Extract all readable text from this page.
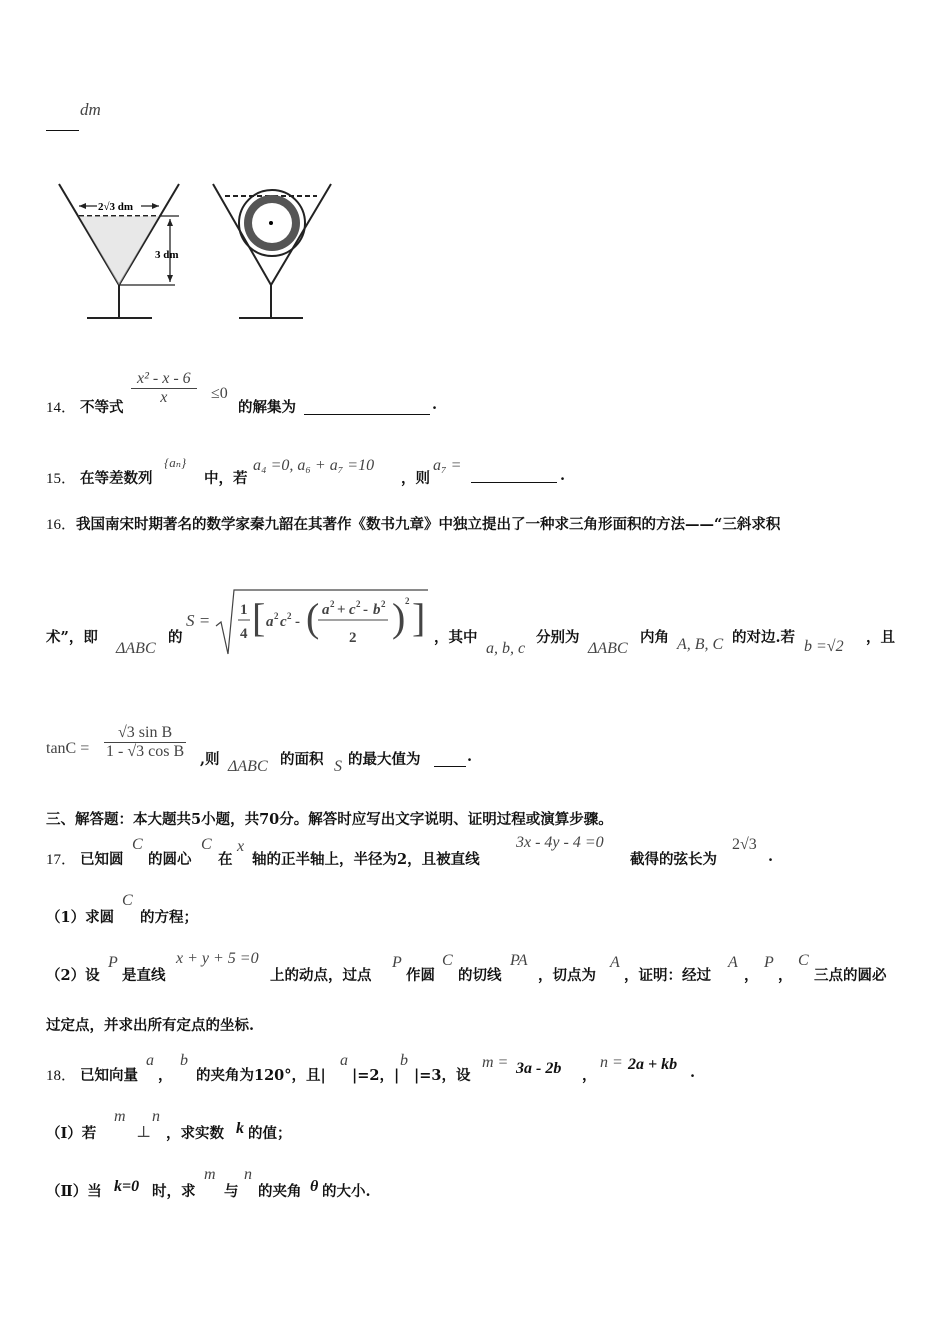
dm
2√3 dm
3 dm
14． 不等式
$\frac{\text{x² - x - 6}}{x} \le 0$
的解集为	.
15． 在等差数列
{aₙ}
中，若
a₄ =0, a₆ + a₇ =10
，则
a₇ =
.
16．我国南宋时期著名的数学家秦九韶在其著作《数书九章》中独立提出了一种求三角形面积的方法——“三斜求积
术”，即
ΔABC
的
S =
1
4 [ a 2 c 2 - ( a 2 + c 2 - b 2
2 ) 2 ] ，其中
a, b, c
分别为
ΔABC
内角 A, B, C 的对边.若
b =√2
，且
$\tan C = \frac{\text{√3 sin B}}{\text{1 - √3 cos B}}$ ,则 ΔABC 的面积 S 的最大值为	.
三、解答题：本大题共5小题，共70分。解答时应写出文字说明、证明过程或演算步骤。
17． 已知圆
C
的圆心
C
在
x
轴的正半轴上，半径为2，且被直线
3x - 4y - 4 =0
截得的弦长为
2√3
.
（1）求圆
C
的方程；
（2）设
P
是直线
x + y + 5 =0
上的动点，过点
P
作圆
C
的切线
PA
，切点为
A
，证明：经过
A
，
P
，
C
三点的圆必
过定点，并求出所有定点的坐标.
18． 已知向量
a
，
b
的夹角为120°，且|
a
|=2，|
b
|=3，设
m = 3a - 2b ，
n = 2a + kb .
（Ⅰ）若
m
⊥
n
，求实数 k 的值；
（Ⅱ）当 k=0 时，求
m
与
n
的夹角 θ 的大小.
